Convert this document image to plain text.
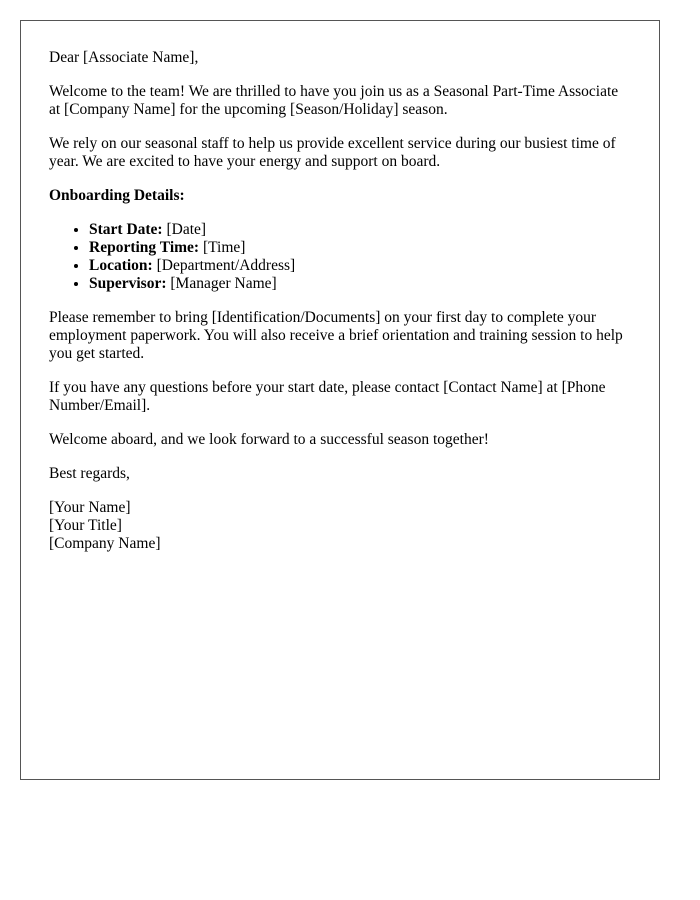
Dear [Associate Name],

Welcome to the team! We are thrilled to have you join us as a Seasonal Part-Time Associate at [Company Name] for the upcoming [Season/Holiday] season.

We rely on our seasonal staff to help us provide excellent service during our busiest time of year. We are excited to have your energy and support on board.

Onboarding Details:

• Start Date: [Date]
• Reporting Time: [Time]
• Location: [Department/Address]
• Supervisor: [Manager Name]

Please remember to bring [Identification/Documents] on your first day to complete your employment paperwork. You will also receive a brief orientation and training session to help you get started.

If you have any questions before your start date, please contact [Contact Name] at [Phone Number/Email].

Welcome aboard, and we look forward to a successful season together!

Best regards,

[Your Name]

[Your Title]

[Company Name]
